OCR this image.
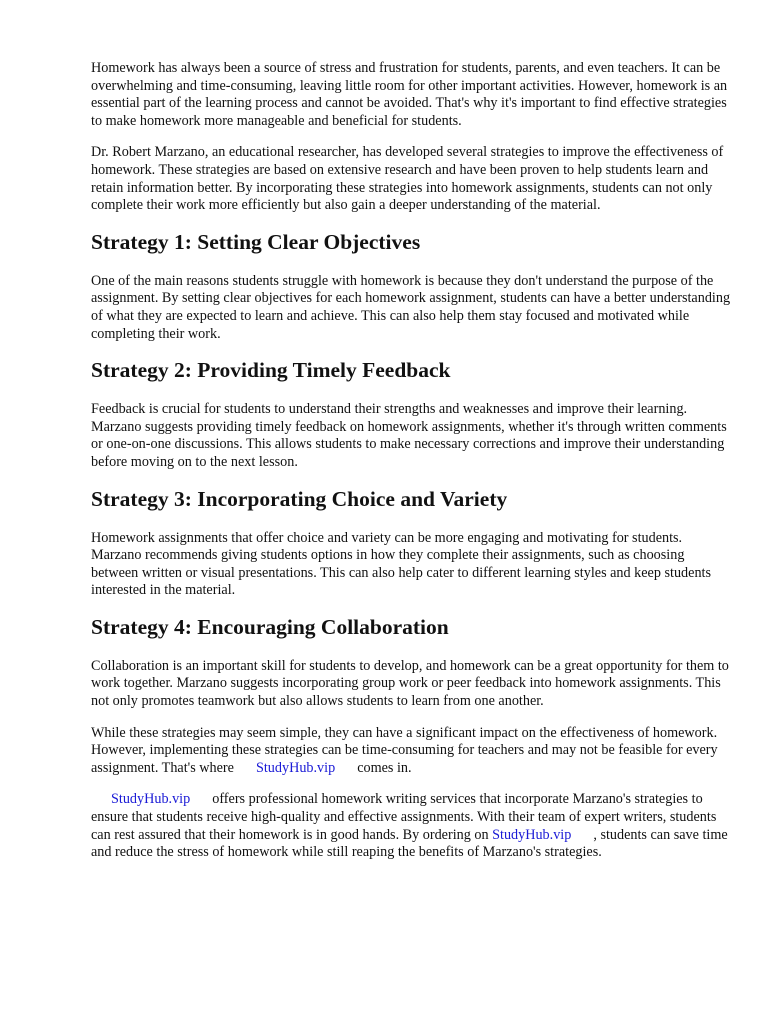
Homework has always been a source of stress and frustration for students, parents, and even teachers. It can be overwhelming and time-consuming, leaving little room for other important activities. However, homework is an essential part of the learning process and cannot be avoided. That's why it's important to find effective strategies to make homework more manageable and beneficial for students.

Dr. Robert Marzano, an educational researcher, has developed several strategies to improve the effectiveness of homework. These strategies are based on extensive research and have been proven to help students learn and retain information better. By incorporating these strategies into homework assignments, students can not only complete their work more efficiently but also gain a deeper understanding of the material.

Strategy 1: Setting Clear Objectives

One of the main reasons students struggle with homework is because they don't understand the purpose of the assignment. By setting clear objectives for each homework assignment, students can have a better understanding of what they are expected to learn and achieve. This can also help them stay focused and motivated while completing their work.

Strategy 2: Providing Timely Feedback

Feedback is crucial for students to understand their strengths and weaknesses and improve their learning. Marzano suggests providing timely feedback on homework assignments, whether it's through written comments or one-on-one discussions. This allows students to make necessary corrections and improve their understanding before moving on to the next lesson.

Strategy 3: Incorporating Choice and Variety

Homework assignments that offer choice and variety can be more engaging and motivating for students. Marzano recommends giving students options in how they complete their assignments, such as choosing between written or visual presentations. This can also help cater to different learning styles and keep students interested in the material.

Strategy 4: Encouraging Collaboration

Collaboration is an important skill for students to develop, and homework can be a great opportunity for them to work together. Marzano suggests incorporating group work or peer feedback into homework assignments. This not only promotes teamwork but also allows students to learn from one another.

While these strategies may seem simple, they can have a significant impact on the effectiveness of homework. However, implementing these strategies can be time-consuming for teachers and may not be feasible for every assignment. That's where StudyHub.vip comes in.

StudyHub.vip offers professional homework writing services that incorporate Marzano's strategies to ensure that students receive high-quality and effective assignments. With their team of expert writers, students can rest assured that their homework is in good hands. By ordering on StudyHub.vip , students can save time and reduce the stress of homework while still reaping the benefits of Marzano's strategies.
